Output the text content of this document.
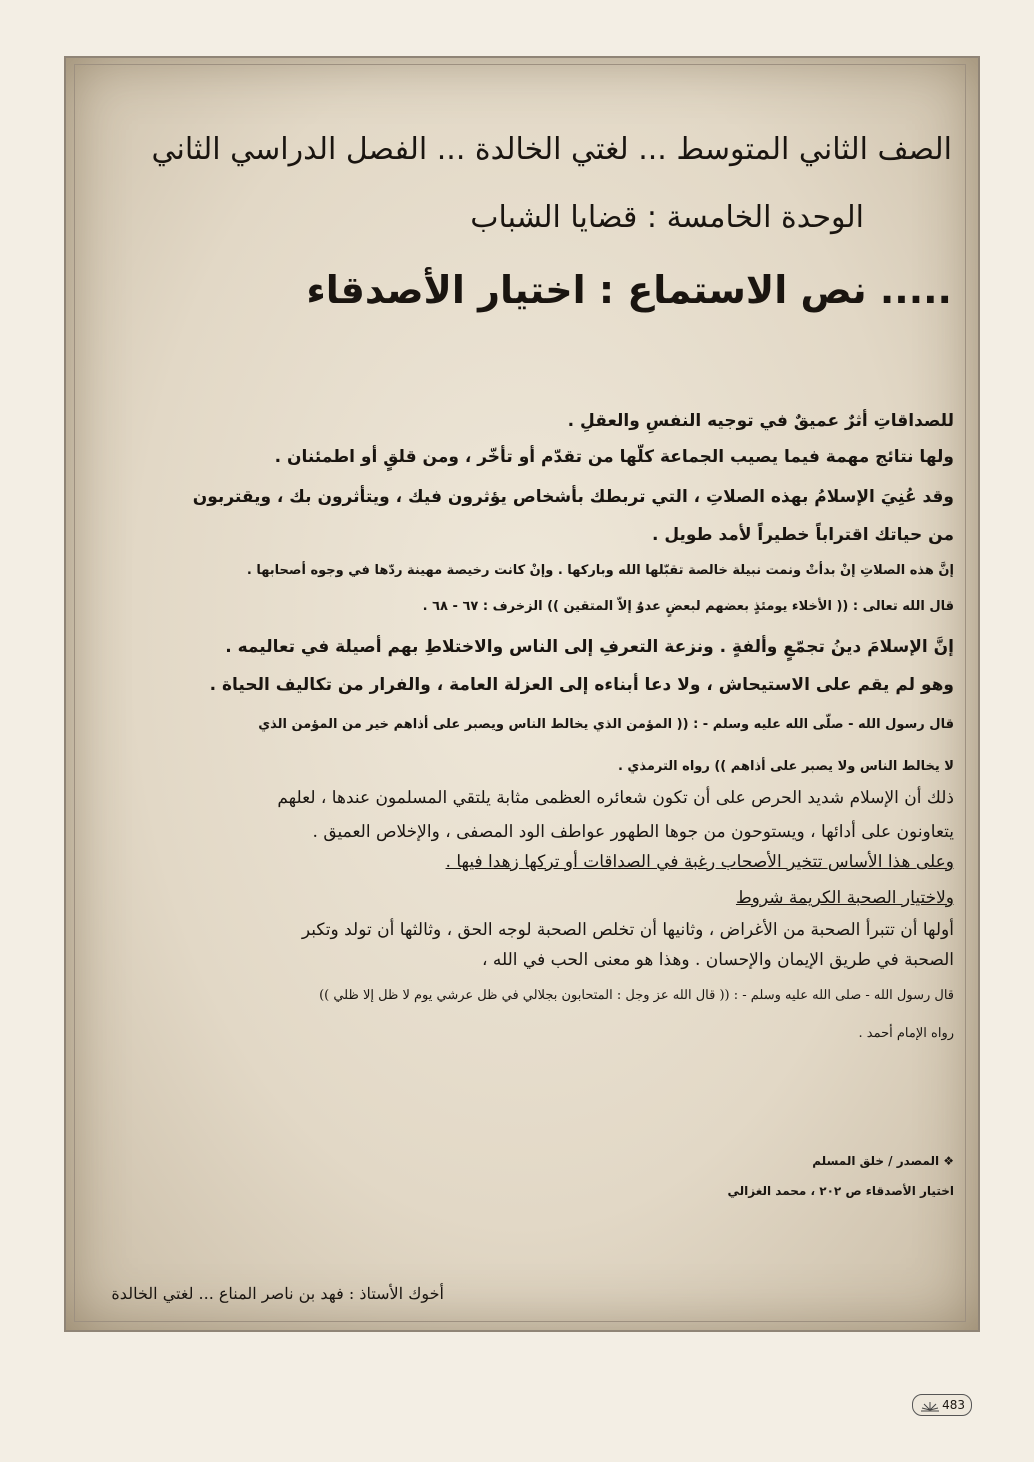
الصف الثاني المتوسط ... لغتي الخالدة ... الفصل الدراسي الثاني
الوحدة الخامسة : قضايا الشباب
..... نص الاستماع : اختيار الأصدقاء

للصداقاتِ أثرٌ عميقٌ في توجيه النفسِ والعقلِ .

ولها نتائج مهمة فيما يصيب الجماعة كلّها من تقدّم أو تأخّر ، ومن قلقٍ أو اطمئنان .

وقد عُنِيَ الإسلامُ بهذه الصلاتِ ، التي تربطك بأشخاص يؤثرون فيك ، ويتأثرون بك ، ويقتربون

من حياتك اقتراباً خطيراً لأمد طويل .

إنَّ هذه الصلاتِ إنْ بدأتْ ونمت نبيلة خالصة تقبّلها الله وباركها . وإنْ كانت رخيصة مهينة ردّها في وجوه أصحابها .

قال الله تعالى : (( الأخلاء يومئذٍ بعضهم لبعضٍ عدوٌ إلاّ المتقين )) الزخرف : ٦٧ - ٦٨ .

إنَّ الإسلامَ دينُ تجمّعٍ وألفةٍ . ونزعة التعرفِ إلى الناس والاختلاطِ بهم أصيلة في تعاليمه .

وهو لم يقم على الاستيحاش ، ولا دعا أبناءه إلى العزلة العامة ، والفرار من تكاليف الحياة .

قال رسول الله - صلّى الله عليه وسلم - : (( المؤمن الذي يخالط الناس ويصبر على أذاهم خير من المؤمن الذي

لا يخالط الناس ولا يصبر على أذاهم )) رواه الترمذي .

ذلك أن الإسلام شديد الحرص على أن تكون شعائره العظمى مثابة يلتقي المسلمون عندها ، لعلهم

يتعاونون على أدائها ، ويستوحون من جوها الطهور عواطف الود المصفى ، والإخلاص العميق .

وعلى هذا الأساس تتخير الأصحاب رغبة في الصداقات أو تركها زهدا فيها .

ولاختيار الصحبة الكريمة شروط

أولها أن تتبرأ الصحبة من الأغراض ، وثانيها أن تخلص الصحبة لوجه الحق ، وثالثها أن تولد وتكبر

الصحبة في طريق الإيمان والإحسان . وهذا هو معنى الحب في الله ،

قال رسول الله - صلى الله عليه وسلم - : (( قال الله عز وجل : المتحابون بجلالي في ظل عرشي يوم لا ظل إلا ظلي ))

رواه الإمام أحمد .

❖ المصدر / خلق المسلم
اختيار الأصدقاء ص ٢٠٢ ، محمد الغزالي
أخوك الأستاذ : فهد بن ناصر المناع ... لغتي الخالدة
483
